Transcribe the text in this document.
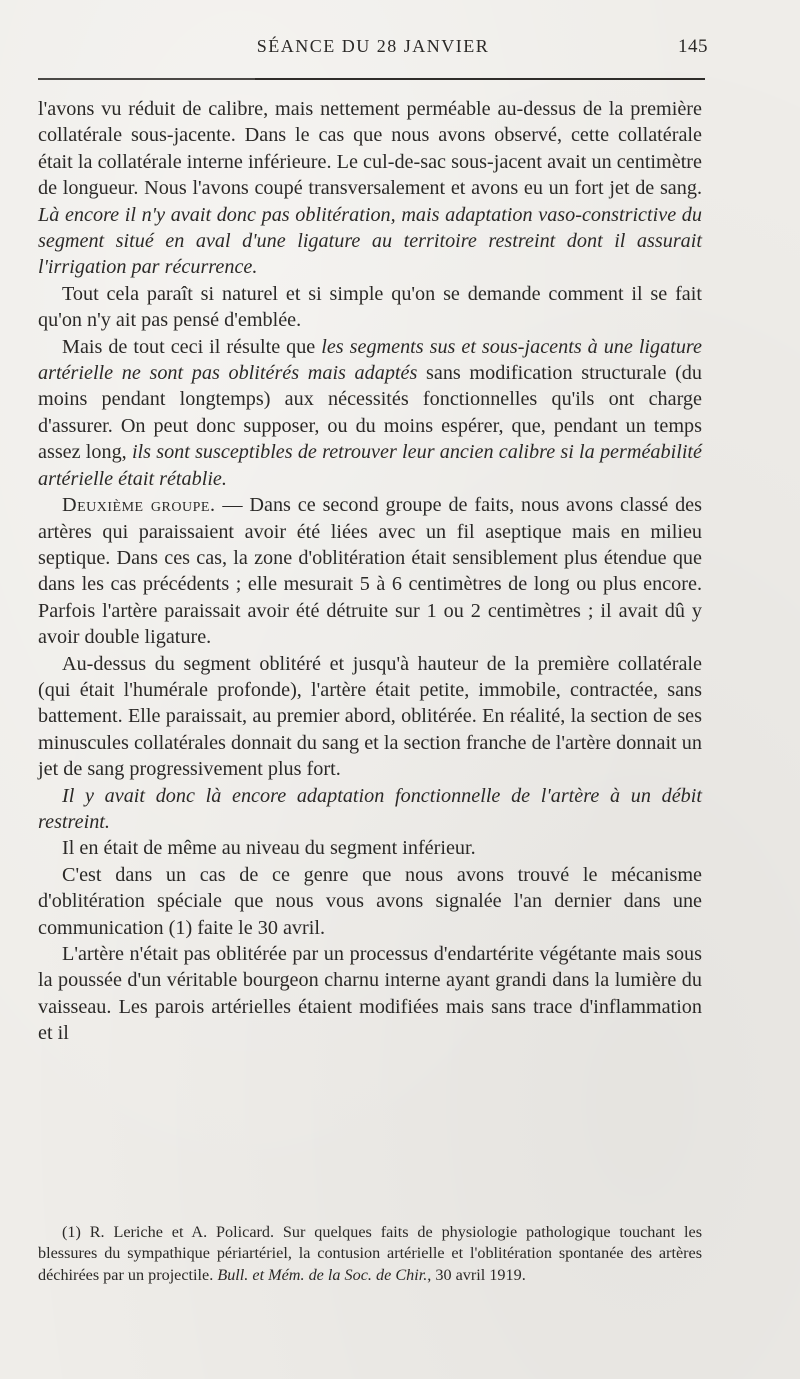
SÉANCE DU 28 JANVIER	145

l'avons vu réduit de calibre, mais nettement perméable au-dessus de la première collatérale sous-jacente. Dans le cas que nous avons observé, cette collatérale était la collatérale interne inférieure. Le cul-de-sac sous-jacent avait un centimètre de longueur. Nous l'avons coupé transversalement et avons eu un fort jet de sang. Là encore il n'y avait donc pas oblitération, mais adaptation vaso-constrictive du segment situé en aval d'une ligature au territoire restreint dont il assurait l'irrigation par récurrence.

Tout cela paraît si naturel et si simple qu'on se demande comment il se fait qu'on n'y ait pas pensé d'emblée.

Mais de tout ceci il résulte que les segments sus et sous-jacents à une ligature artérielle ne sont pas oblitérés mais adaptés sans modification structurale (du moins pendant longtemps) aux nécessités fonctionnelles qu'ils ont charge d'assurer. On peut donc supposer, ou du moins espérer, que, pendant un temps assez long, ils sont susceptibles de retrouver leur ancien calibre si la perméabilité artérielle était rétablie.

Deuxième groupe. — Dans ce second groupe de faits, nous avons classé des artères qui paraissaient avoir été liées avec un fil aseptique mais en milieu septique. Dans ces cas, la zone d'oblitération était sensiblement plus étendue que dans les cas précédents ; elle mesurait 5 à 6 centimètres de long ou plus encore. Parfois l'artère paraissait avoir été détruite sur 1 ou 2 centimètres ; il avait dû y avoir double ligature.

Au-dessus du segment oblitéré et jusqu'à hauteur de la première collatérale (qui était l'humérale profonde), l'artère était petite, immobile, contractée, sans battement. Elle paraissait, au premier abord, oblitérée. En réalité, la section de ses minuscules collatérales donnait du sang et la section franche de l'artère donnait un jet de sang progressivement plus fort.

Il y avait donc là encore adaptation fonctionnelle de l'artère à un débit restreint.

Il en était de même au niveau du segment inférieur.

C'est dans un cas de ce genre que nous avons trouvé le mécanisme d'oblitération spéciale que nous vous avons signalée l'an dernier dans une communication (1) faite le 30 avril.

L'artère n'était pas oblitérée par un processus d'endartérite végétante mais sous la poussée d'un véritable bourgeon charnu interne ayant grandi dans la lumière du vaisseau. Les parois artérielles étaient modifiées mais sans trace d'inflammation et il

(1) R. Leriche et A. Policard. Sur quelques faits de physiologie pathologique touchant les blessures du sympathique périartériel, la contusion artérielle et l'oblitération spontanée des artères déchirées par un projectile. Bull. et Mém. de la Soc. de Chir., 30 avril 1919.
